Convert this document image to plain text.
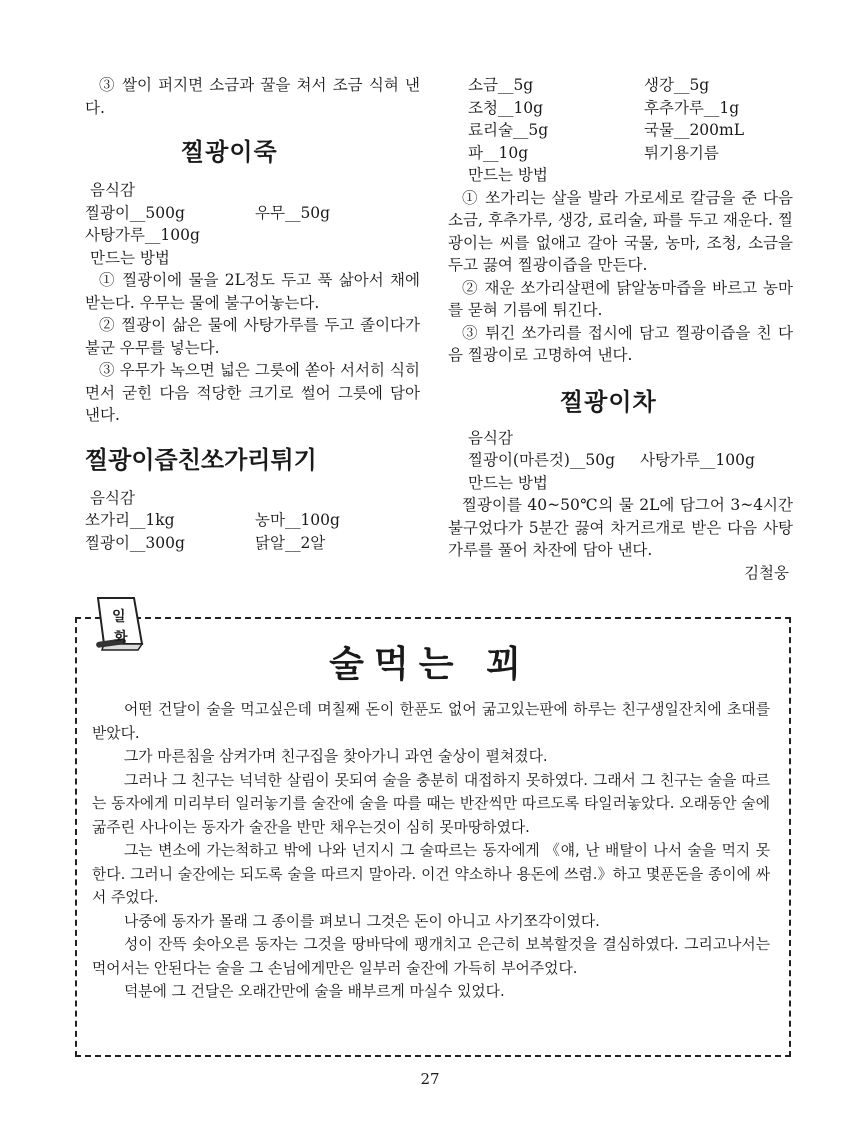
③ 쌀이 퍼지면 소금과 꿀을 쳐서 조금 식혀 낸다.

찔광이죽

음식감

찔광이__500g	우무__50g
사탕가루__100g

만드는 방법

① 찔광이에 물을 2L정도 두고 푹 삶아서 채에 받는다. 우무는 물에 불구어놓는다.

② 찔광이 삶은 물에 사탕가루를 두고 졸이다가 불군 우무를 넣는다.

③ 우무가 녹으면 넓은 그릇에 쏟아 서서히 식히면서 굳힌 다음 적당한 크기로 썰어 그릇에 담아 낸다.

찔광이즙친쏘가리튀기

음식감

쏘가리__1kg	농마__100g
찔광이__300g	닭알__2알
소금__5g	생강__5g
조청__10g	후추가루__1g
료리술__5g	국물__200mL
파__10g	튀기용기름

만드는 방법

① 쏘가리는 살을 발라 가로세로 칼금을 준 다음 소금, 후추가루, 생강, 료리술, 파를 두고 재운다. 찔광이는 씨를 없애고 갈아 국물, 농마, 조청, 소금을 두고 끓여 찔광이즙을 만든다.

② 재운 쏘가리살편에 닭알농마즙을 바르고 농마를 묻혀 기름에 튀긴다.

③ 튀긴 쏘가리를 접시에 담고 찔광이즙을 친 다음 찔광이로 고명하여 낸다.

찔광이차

음식감

찔광이(마른것)__50g	사탕가루__100g

만드는 방법

찔광이를 40~50℃의 물 2L에 담그어 3~4시간 불구었다가 5분간 끓여 차거르개로 받은 다음 사탕가루를 풀어 차잔에 담아 낸다.

김철웅

일
화
술먹는 꾀

어떤 건달이 술을 먹고싶은데 며칠째 돈이 한푼도 없어 굶고있는판에 하루는 친구생일잔치에 초대를 받았다.

그가 마른침을 삼켜가며 친구집을 찾아가니 과연 술상이 펼쳐졌다.

그러나 그 친구는 넉넉한 살림이 못되여 술을 충분히 대접하지 못하였다. 그래서 그 친구는 술을 따르는 동자에게 미리부터 일러놓기를 술잔에 술을 따를 때는 반잔씩만 따르도록 타일러놓았다. 오래동안 술에 굶주린 사나이는 동자가 술잔을 반만 채우는것이 심히 못마땅하였다.

그는 변소에 가는척하고 밖에 나와 넌지시 그 술따르는 동자에게 《얘, 난 배탈이 나서 술을 먹지 못한다. 그러니 술잔에는 되도록 술을 따르지 말아라. 이건 약소하나 용돈에 쓰렴.》하고 몇푼돈을 종이에 싸서 주었다.

나중에 동자가 몰래 그 종이를 펴보니 그것은 돈이 아니고 사기쪼각이였다.

성이 잔뜩 솟아오른 동자는 그것을 땅바닥에 팽개치고 은근히 보복할것을 결심하였다. 그리고나서는 먹어서는 안된다는 술을 그 손님에게만은 일부러 술잔에 가득히 부어주었다.

덕분에 그 건달은 오래간만에 술을 배부르게 마실수 있었다.

27
